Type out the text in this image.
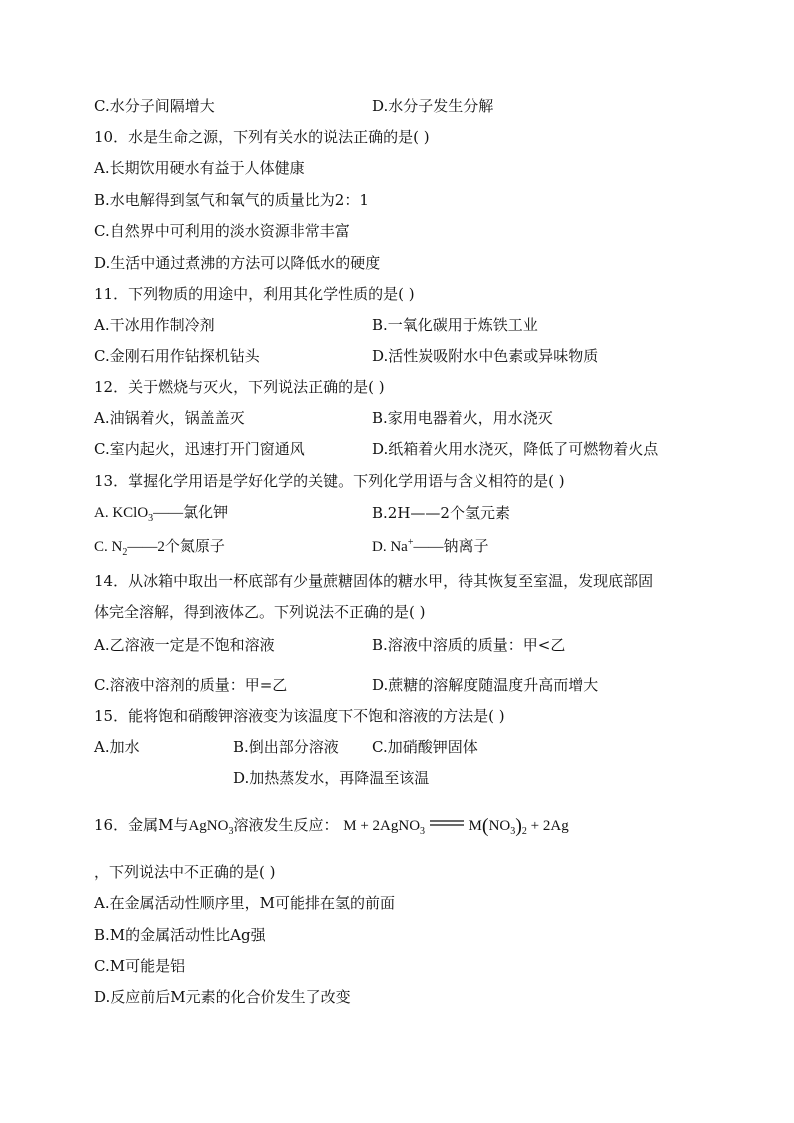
C.水分子间隔增大	D.水分子发生分解
10．水是生命之源，下列有关水的说法正确的是( )
A.长期饮用硬水有益于人体健康
B.水电解得到氢气和氧气的质量比为2：1
C.自然界中可利用的淡水资源非常丰富
D.生活中通过煮沸的方法可以降低水的硬度
11．下列物质的用途中，利用其化学性质的是( )
A.干冰用作制冷剂	B.一氧化碳用于炼铁工业
C.金刚石用作钻探机钻头	D.活性炭吸附水中色素或异味物质
12．关于燃烧与灭火，下列说法正确的是( )
A.油锅着火，锅盖盖灭	B.家用电器着火，用水浇灭
C.室内起火，迅速打开门窗通风	D.纸箱着火用水浇灭，降低了可燃物着火点
13．掌握化学用语是学好化学的关键。下列化学用语与含义相符的是( )
A. KClO$_3$——氯化钾	B.2H——2个氢元素
C. $N_2——2$个氮原子	D. Na+——钠离子
14．从冰箱中取出一杯底部有少量蔗糖固体的糖水甲，待其恢复至室温，发现底部固
体完全溶解，得到液体乙。下列说法不正确的是( )
A.乙溶液一定是不饱和溶液	B.溶液中溶质的质量：甲<乙
C.溶液中溶剂的质量：甲=乙	D.蔗糖的溶解度随温度升高而增大
15．能将饱和硝酸钾溶液变为该温度下不饱和溶液的方法是( )
A.加水	B.倒出部分溶液 C.加硝酸钾固体
D.加热蒸发水，再降温至该温
16．金属M与AgNO$_3$溶液发生反应： M + 2AgNO$_3$	$M(NO_3)_2 + 2Ag$
，下列说法中不正确的是( )
A.在金属活动性顺序里，M可能排在氢的前面
B.M的金属活动性比Ag强
C.M可能是铝
D.反应前后M元素的化合价发生了改变
